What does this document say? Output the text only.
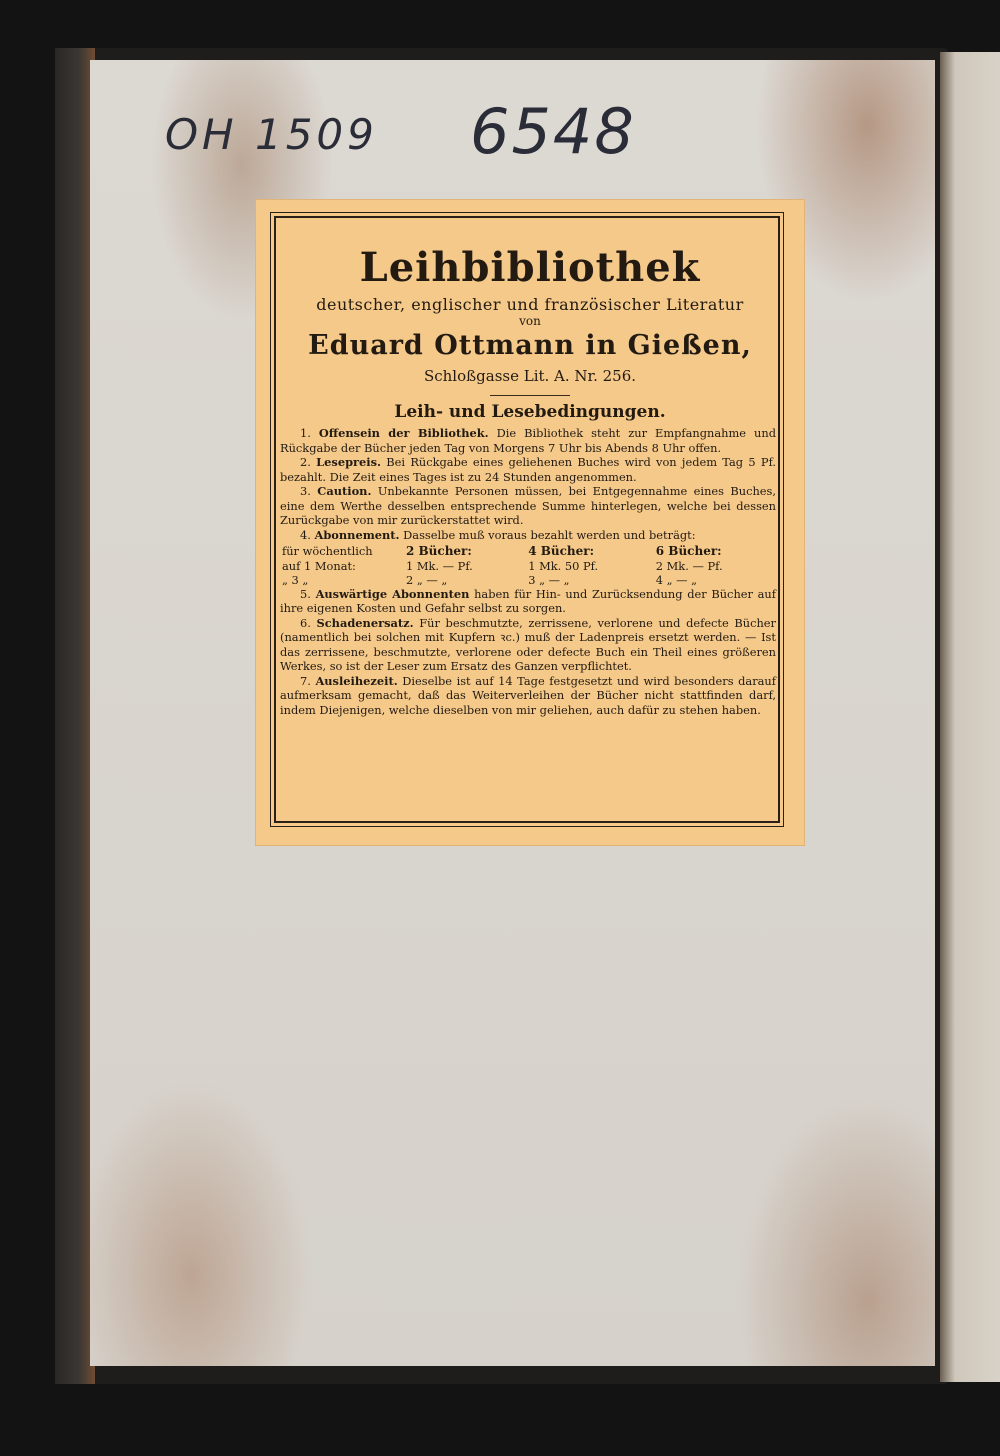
OH 1509 6548
Leihbibliothek
deutscher, englischer und französischer Literatur
von
Eduard Ottmann in Gießen,
Schloßgasse Lit. A. Nr. 256.
Leih- und Lesebedingungen.

1. Offensein der Bibliothek. Die Bibliothek steht zur Empfangnahme und Rückgabe der Bücher jeden Tag von Morgens 7 Uhr bis Abends 8 Uhr offen.

2. Lesepreis. Bei Rückgabe eines geliehenen Buches wird von jedem Tag 5 Pf. bezahlt. Die Zeit eines Tages ist zu 24 Stunden angenommen.

3. Caution. Unbekannte Personen müssen, bei Entgegennahme eines Buches, eine dem Werthe desselben entsprechende Summe hinterlegen, welche bei dessen Zurückgabe von mir zurückerstattet wird.

4. Abonnement. Dasselbe muß voraus bezahlt werden und beträgt:

für wöchentlich	2 Bücher:	4 Bücher:	6 Bücher:
auf 1 Monat:	1 Mk. — Pf.	1 Mk. 50 Pf.	2 Mk. — Pf.
„ 3 „	2 „ — „	3 „ — „	4 „ — „

5. Auswärtige Abonnenten haben für Hin- und Zurücksendung der Bücher auf ihre eigenen Kosten und Gefahr selbst zu sorgen.

6. Schadenersatz. Für beschmutzte, zerrissene, verlorene und defecte Bücher (namentlich bei solchen mit Kupfern ꝛc.) muß der Ladenpreis ersetzt werden. — Ist das zerrissene, beschmutzte, verlorene oder defecte Buch ein Theil eines größeren Werkes, so ist der Leser zum Ersatz des Ganzen verpflichtet.

7. Ausleihezeit. Dieselbe ist auf 14 Tage festgesetzt und wird besonders darauf aufmerksam gemacht, daß das Weiterverleihen der Bücher nicht stattfinden darf, indem Diejenigen, welche dieselben von mir geliehen, auch dafür zu stehen haben.
